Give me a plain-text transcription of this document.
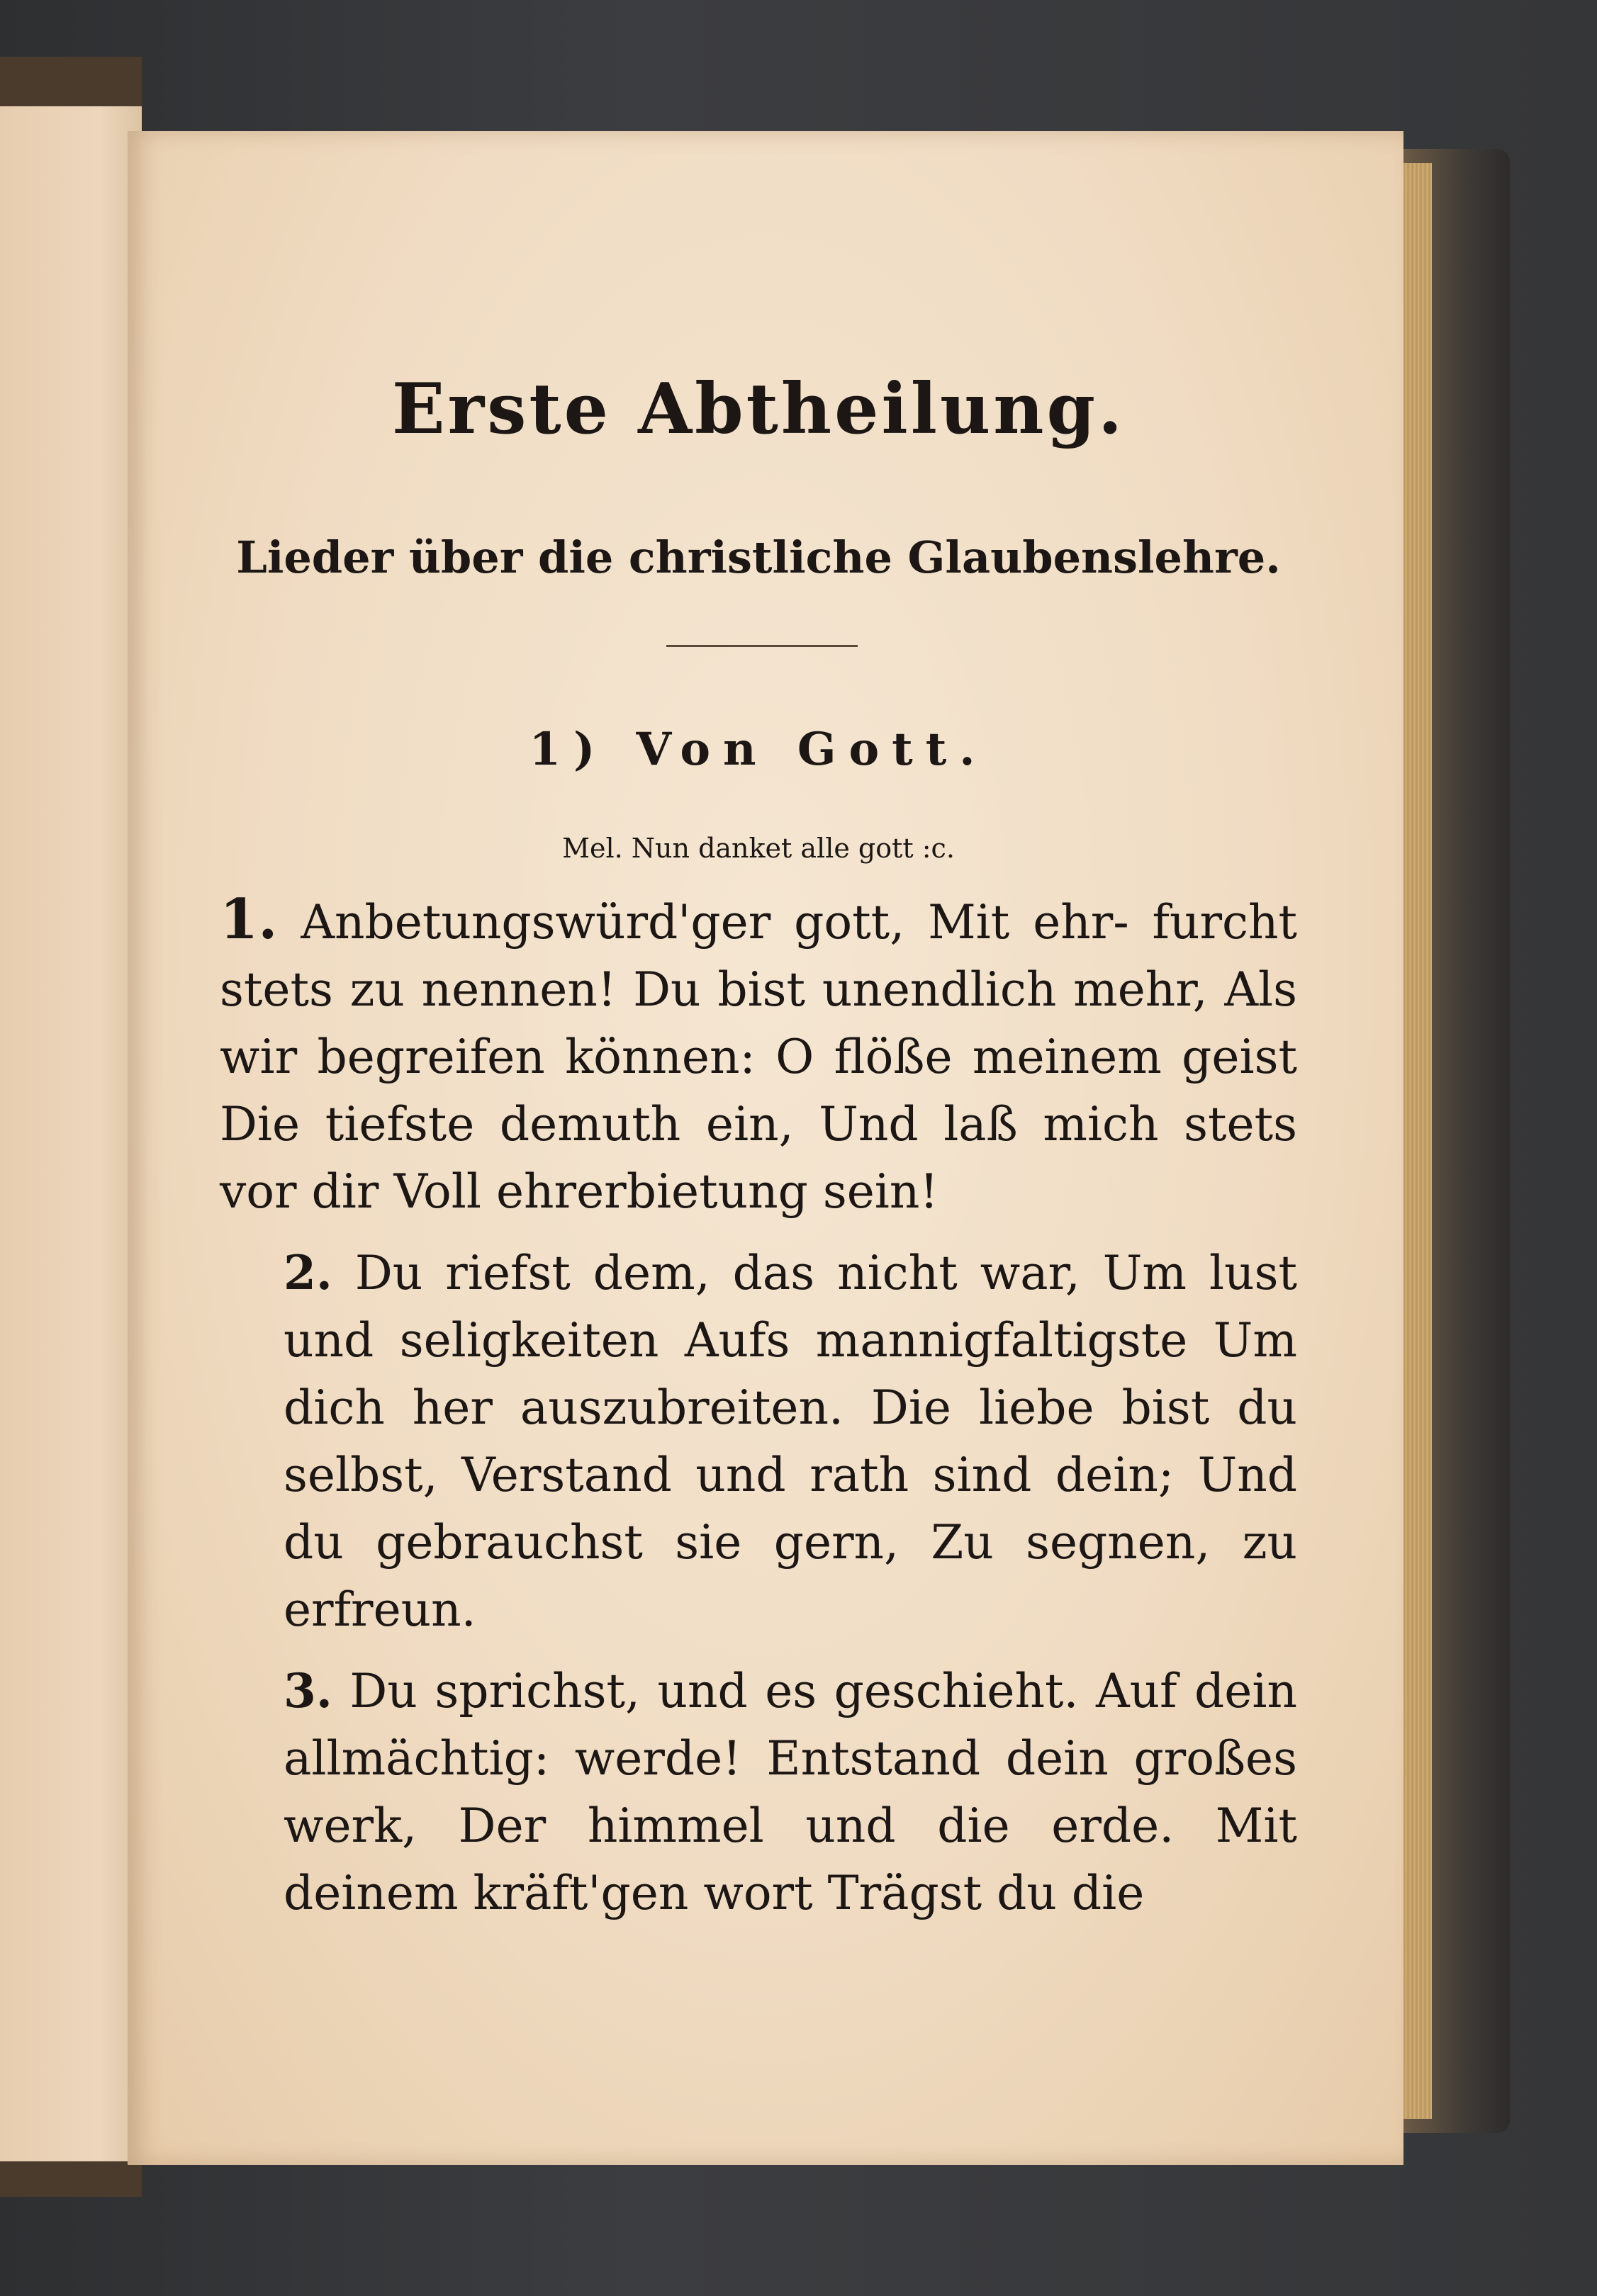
Erste Abtheilung.
Lieder über die christliche Glaubenslehre.
1) Von Gott.

Mel. Nun danket alle gott :c.

1. Anbetungswürd'ger gott, Mit ehr- furcht stets zu nennen! Du bist unendlich mehr, Als wir begreifen können: O flöße meinem geist Die tiefste demuth ein, Und laß mich stets vor dir Voll ehrerbietung sein!

2. Du riefst dem, das nicht war, Um lust und seligkeiten Aufs mannigfaltigste Um dich her auszubreiten. Die liebe bist du selbst, Verstand und rath sind dein; Und du gebrauchst sie gern, Zu segnen, zu erfreun.

3. Du sprichst, und es geschieht. Auf dein allmächtig: werde! Entstand dein großes werk, Der himmel und die erde. Mit deinem kräft'gen wort Trägst du die
